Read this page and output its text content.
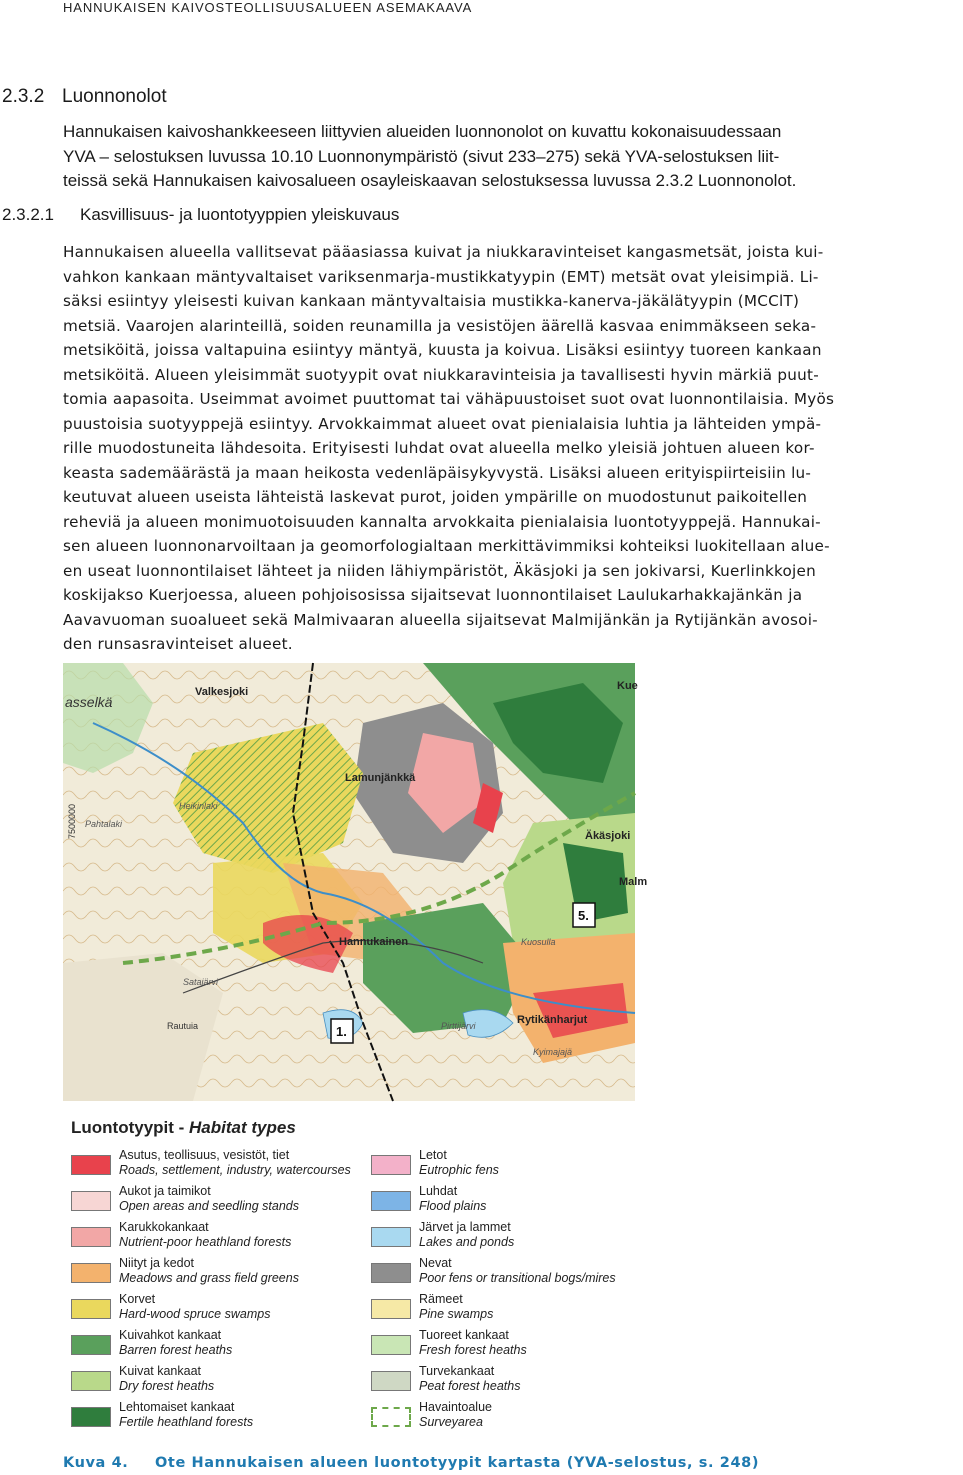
HANNUKAISEN KAIVOSTEOLLISUUSALUEEN ASEMAKAAVA
2.3.2 Luonnonolot
Hannukaisen kaivoshankkeeseen liittyvien alueiden luonnonolot on kuvattu kokonaisuudessaan
YVA – selostuksen luvussa 10.10 Luonnonympäristö (sivut 233–275) sekä YVA-selostuksen liit-
teissä sekä Hannukaisen kaivosalueen osayleiskaavan selostuksessa luvussa 2.3.2 Luonnonolot.
2.3.2.1 Kasvillisuus- ja luontotyyppien yleiskuvaus
Hannukaisen alueella vallitsevat pääasiassa kuivat ja niukkaravinteiset kangasmetsät, joista kui-
vahkon kankaan mäntyvaltaiset variksenmarja-mustikkatyypin (EMT) metsät ovat yleisimpiä. Li-
säksi esiintyy yleisesti kuivan kankaan mäntyvaltaisia mustikka-kanerva-jäkälätyypin (MCClT)
metsiä. Vaarojen alarinteillä, soiden reunamilla ja vesistöjen äärellä kasvaa enimmäkseen seka-
metsiköitä, joissa valtapuina esiintyy mäntyä, kuusta ja koivua. Lisäksi esiintyy tuoreen kankaan
metsiköitä. Alueen yleisimmät suotyypit ovat niukkaravinteisia ja tavallisesti hyvin märkiä puut-
tomia aapasoita. Useimmat avoimet puuttomat tai vähäpuustoiset suot ovat luonnontilaisia. Myös
puustoisia suotyyppejä esiintyy. Arvokkaimmat alueet ovat pienialaisia luhtia ja lähteiden ympä-
rille muodostuneita lähdesoita. Erityisesti luhdat ovat alueella melko yleisiä johtuen alueen kor-
keasta sademäärästä ja maan heikosta vedenläpäisykyvystä. Lisäksi alueen erityispiirteisiin lu-
keutuvat alueen useista lähteistä laskevat purot, joiden ympärille on muodostunut paikoitellen
reheviä ja alueen monimuotoisuuden kannalta arvokkaita pienialaisia luontotyyppejä. Hannukai-
sen alueen luonnonarvoiltaan ja geomorfologialtaan merkittävimmiksi kohteiksi luokitellaan alue-
en useat luonnontilaiset lähteet ja niiden lähiympäristöt, Äkäsjoki ja sen jokivarsi, Kuerlinkkojen
koskijakso Kuerjoessa, alueen pohjoisosissa sijaitsevat luonnontilaiset Laulukarhakkajänkän ja
Aavavuoman suoalueet sekä Malmivaaran alueella sijaitsevat Malmijänkän ja Rytijänkän avosoi-
den runsasravinteiset alueet.
Valkesjoki
Lamunjänkkä
Heikinlaki
Pahtalaki
Hannukainen
Äkäsjoki
Rytikänharjut
Rautuia
Kuosulla
Pirttijärvi
Kyimajajä
Satajärvi
Malm
Kue
asselkä
7500000
1.
5.
Luontotyypit - Habitat types
Asutus, teollisuus, vesistöt, tiet
Roads, settlement, industry, watercourses
Aukot ja taimikot
Open areas and seedling stands
Karukkokankaat
Nutrient-poor heathland forests
Niityt ja kedot
Meadows and grass field greens
Korvet
Hard-wood spruce swamps
Kuivahkot kankaat
Barren forest heaths
Kuivat kankaat
Dry forest heaths
Lehtomaiset kankaat
Fertile heathland forests
Letot
Eutrophic fens
Luhdat
Flood plains
Järvet ja lammet
Lakes and ponds
Nevat
Poor fens or transitional bogs/mires
Rämeet
Pine swamps
Tuoreet kankaat
Fresh forest heaths
Turvekankaat
Peat forest heaths
Havaintoalue
Surveyarea
Kuva 4. Ote Hannukaisen alueen luontotyypit kartasta (YVA-selostus, s. 248)
